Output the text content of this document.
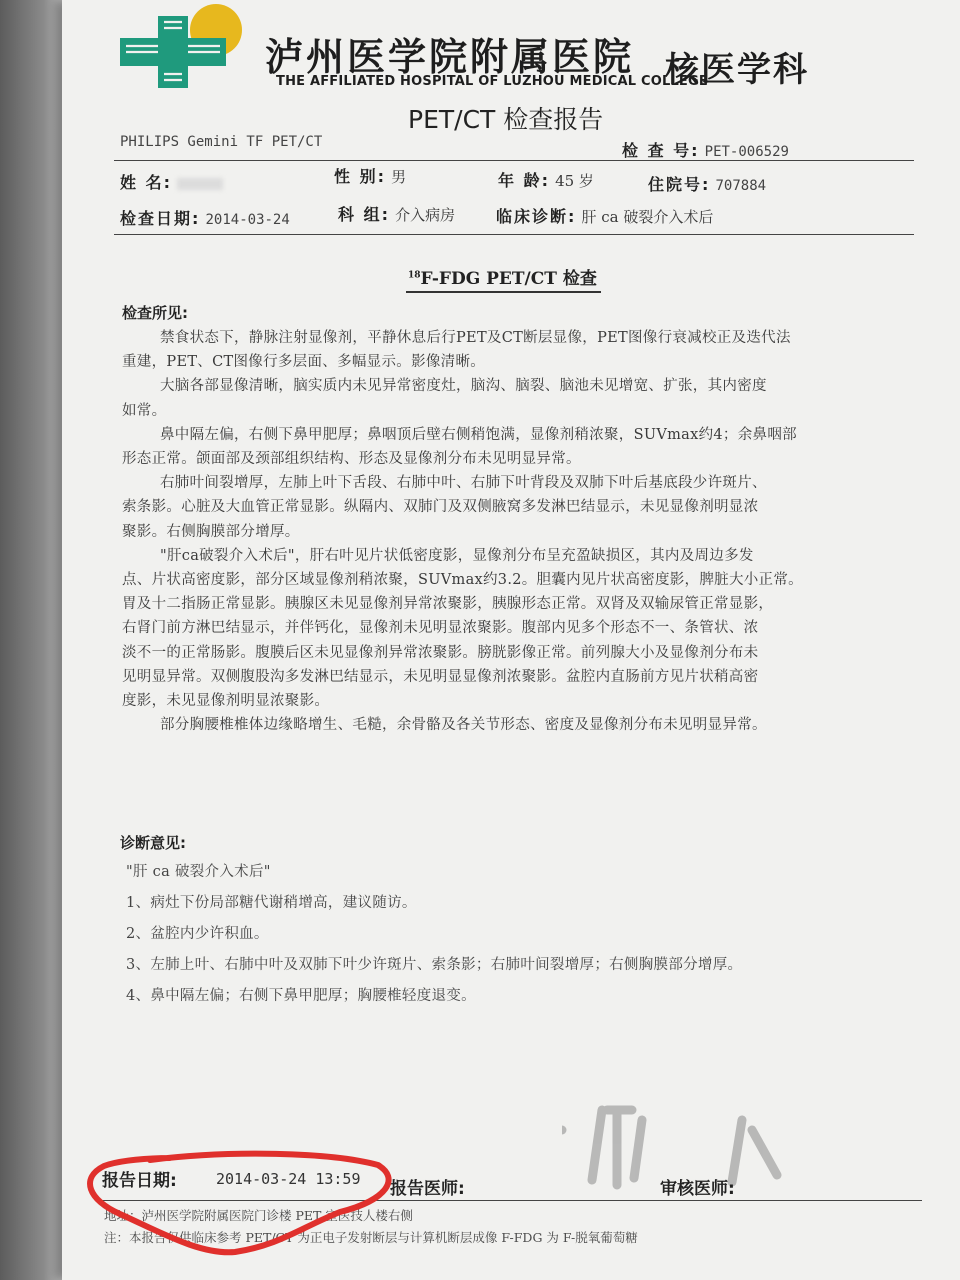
泸州医学院附属医院
THE AFFILIATED HOSPITAL OF LUZHOU MEDICAL COLLEGE
核医学科
PET/CT 检查报告
PHILIPS Gemini TF PET/CT	检 查 号: PET-006529
姓 名:	性 别: 男	年 龄: 45 岁	住院号: 707884
检查日期: 2014-03-24	科 组: 介入病房	临床诊断: 肝 ca 破裂介入术后
$^{18}$F-FDG PET/CT 检查
检查所见:
禁食状态下，静脉注射显像剂，平静休息后行PET及CT断层显像，PET图像行衰减校正及迭代法
重建，PET、CT图像行多层面、多幅显示。影像清晰。
大脑各部显像清晰，脑实质内未见异常密度灶，脑沟、脑裂、脑池未见增宽、扩张，其内密度
如常。
鼻中隔左偏，右侧下鼻甲肥厚；鼻咽顶后壁右侧稍饱满，显像剂稍浓聚，SUVmax约4；余鼻咽部
形态正常。颌面部及颈部组织结构、形态及显像剂分布未见明显异常。
右肺叶间裂增厚，左肺上叶下舌段、右肺中叶、右肺下叶背段及双肺下叶后基底段少许斑片、
索条影。心脏及大血管正常显影。纵隔内、双肺门及双侧腋窝多发淋巴结显示，未见显像剂明显浓
聚影。右侧胸膜部分增厚。
"肝ca破裂介入术后"，肝右叶见片状低密度影，显像剂分布呈充盈缺损区，其内及周边多发
点、片状高密度影，部分区域显像剂稍浓聚，SUVmax约3.2。胆囊内见片状高密度影，脾脏大小正常。
胃及十二指肠正常显影。胰腺区未见显像剂异常浓聚影，胰腺形态正常。双肾及双输尿管正常显影，
右肾门前方淋巴结显示，并伴钙化，显像剂未见明显浓聚影。腹部内见多个形态不一、条管状、浓
淡不一的正常肠影。腹膜后区未见显像剂异常浓聚影。膀胱影像正常。前列腺大小及显像剂分布未
见明显异常。双侧腹股沟多发淋巴结显示，未见明显显像剂浓聚影。盆腔内直肠前方见片状稍高密
度影，未见显像剂明显浓聚影。
部分胸腰椎椎体边缘略增生、毛糙，余骨骼及各关节形态、密度及显像剂分布未见明显异常。
诊断意见:
"肝 ca 破裂介入术后"
1、病灶下份局部糖代谢稍增高，建议随访。
2、盆腔内少许积血。
3、左肺上叶、右肺中叶及双肺下叶少许斑片、索条影；右肺叶间裂增厚；右侧胸膜部分增厚。
4、鼻中隔左偏；右侧下鼻甲肥厚；胸腰椎轻度退变。
报告日期:	2014-03-24 13:59 报告医师:	审核医师:
地址：泸州医学院附属医院门诊楼 PET 室医技人楼右侧
注：本报告仅供临床参考 PET/CT 为正电子发射断层与计算机断层成像 F-FDG 为 F-脱氧葡萄糖
